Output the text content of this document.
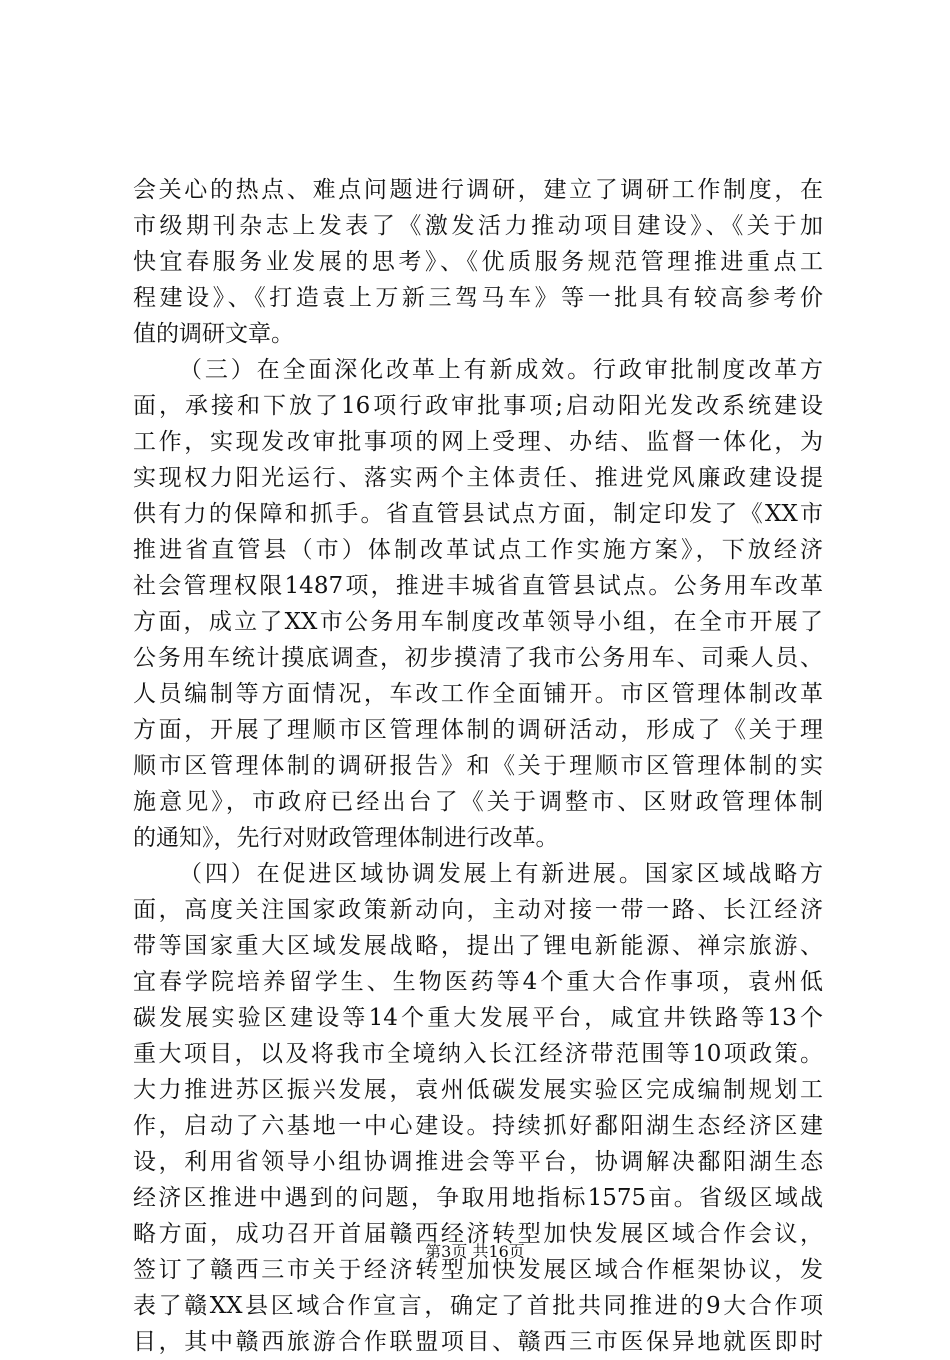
会关心的热点、难点问题进行调研，建立了调研工作制度，在
市级期刊杂志上发表了《激发活力推动项目建设》、《关于加
快宜春服务业发展的思考》、《优质服务规范管理推进重点工
程建设》、《打造袁上万新三驾马车》等一批具有较高参考价
值的调研文章。
（三）在全面深化改革上有新成效。行政审批制度改革方
面，承接和下放了16项行政审批事项;启动阳光发改系统建设
工作，实现发改审批事项的网上受理、办结、监督一体化，为
实现权力阳光运行、落实两个主体责任、推进党风廉政建设提
供有力的保障和抓手。省直管县试点方面，制定印发了《XX市
推进省直管县（市）体制改革试点工作实施方案》，下放经济
社会管理权限1487项，推进丰城省直管县试点。公务用车改革
方面，成立了XX市公务用车制度改革领导小组，在全市开展了
公务用车统计摸底调查，初步摸清了我市公务用车、司乘人员、
人员编制等方面情况，车改工作全面铺开。市区管理体制改革
方面，开展了理顺市区管理体制的调研活动，形成了《关于理
顺市区管理体制的调研报告》和《关于理顺市区管理体制的实
施意见》，市政府已经出台了《关于调整市、区财政管理体制
的通知》，先行对财政管理体制进行改革。
（四）在促进区域协调发展上有新进展。国家区域战略方
面，高度关注国家政策新动向，主动对接一带一路、长江经济
带等国家重大区域发展战略，提出了锂电新能源、禅宗旅游、
宜春学院培养留学生、生物医药等4个重大合作事项，袁州低
碳发展实验区建设等14个重大发展平台，咸宜井铁路等13个
重大项目，以及将我市全境纳入长江经济带范围等10项政策。
大力推进苏区振兴发展，袁州低碳发展实验区完成编制规划工
作，启动了六基地一中心建设。持续抓好鄱阳湖生态经济区建
设，利用省领导小组协调推进会等平台，协调解决鄱阳湖生态
经济区推进中遇到的问题，争取用地指标1575亩。省级区域战
略方面，成功召开首届赣西经济转型加快发展区域合作会议，
签订了赣西三市关于经济转型加快发展区域合作框架协议，发
表了赣XX县区域合作宣言，确定了首批共同推进的9大合作项
目，其中赣西旅游合作联盟项目、赣西三市医保异地就医即时
第3页 共16页
